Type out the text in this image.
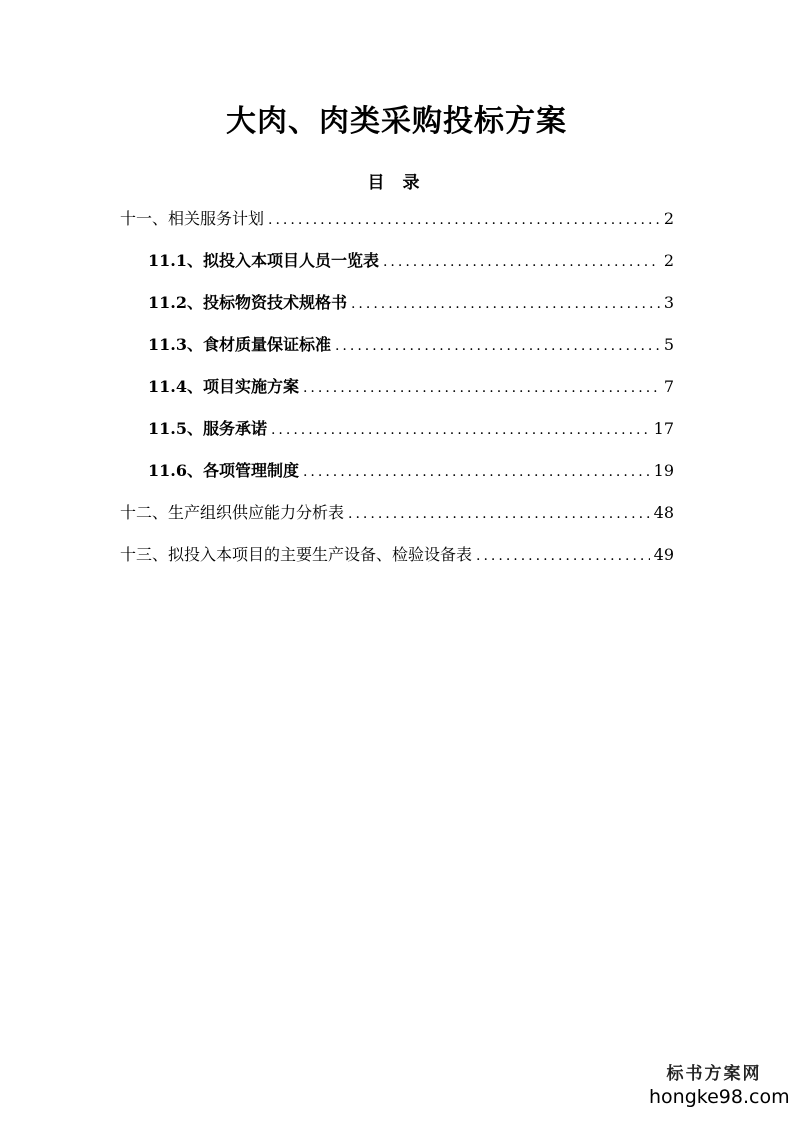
大肉、肉类采购投标方案
目 录
十一、相关服务计划 .....	2
11.1、拟投入本项目人员一览表 .....	2
11.2、投标物资技术规格书 .....	3
11.3、食材质量保证标准 .....	5
11.4、项目实施方案 .....	7
11.5、服务承诺 .....	17
11.6、各项管理制度 .....	19
十二、生产组织供应能力分析表 .....	48
十三、拟投入本项目的主要生产设备、检验设备表 .....	49
标书方案网
hongke98.com
